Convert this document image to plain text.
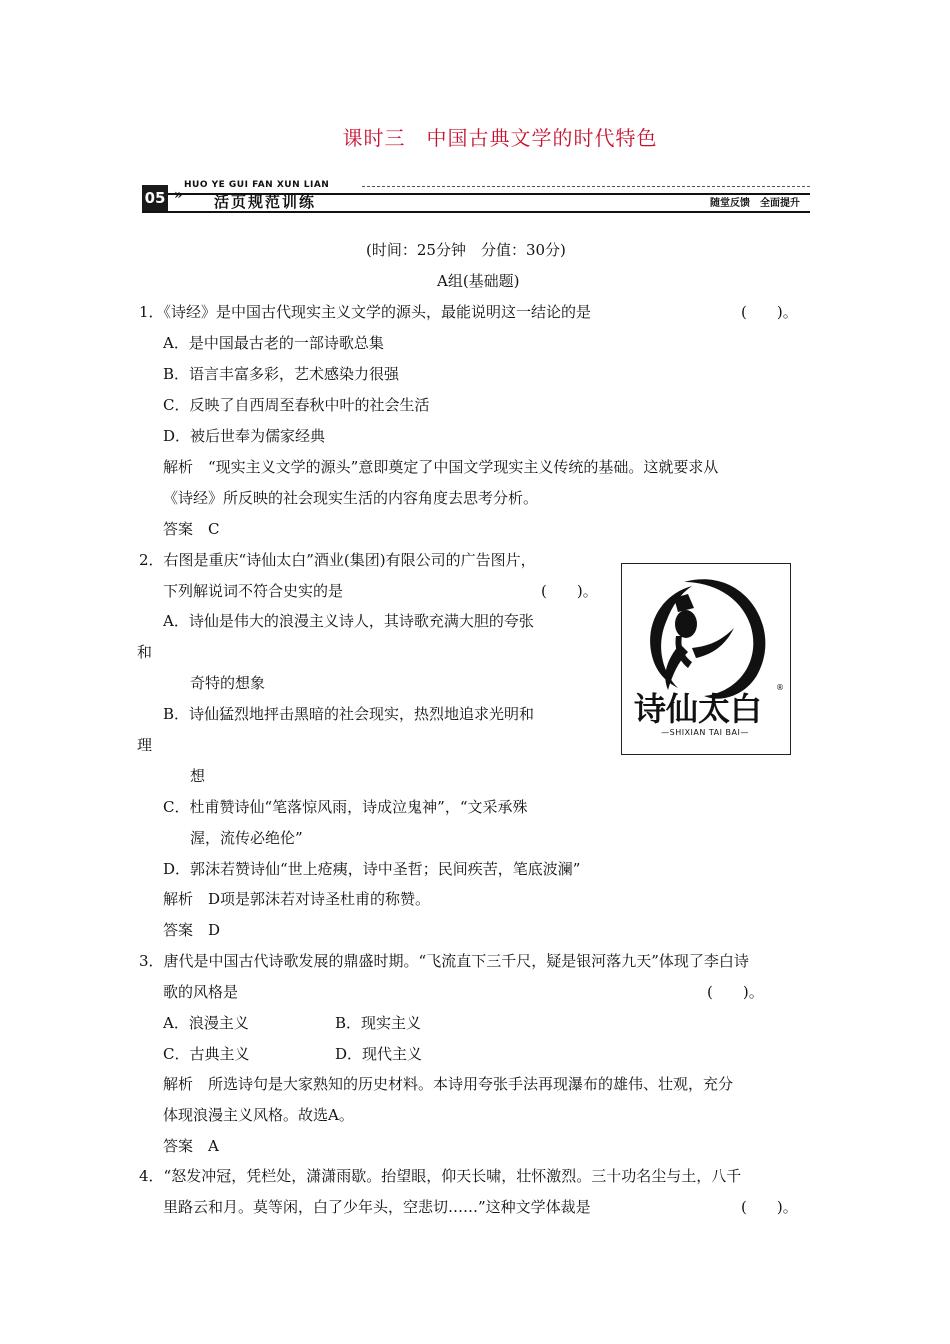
课时三　中国古典文学的时代特色
HUO YE GUI FAN XUN LIAN
05 » 活页规范训练	随堂反馈　全面提升
(时间：25分钟　分值：30分)
A组(基础题)
1．《诗经》是中国古代现实主义文学的源头，最能说明这一结论的是	(　　)。
A．是中国最古老的一部诗歌总集
B．语言丰富多彩，艺术感染力很强
C．反映了自西周至春秋中叶的社会生活
D．被后世奉为儒家经典
解析　“现实主义文学的源头”意即奠定了中国文学现实主义传统的基础。这就要求从
《诗经》所反映的社会现实生活的内容角度去思考分析。
答案　C
2．右图是重庆“诗仙太白”酒业(集团)有限公司的广告图片，
下列解说词不符合史实的是	(　　)。
A．诗仙是伟大的浪漫主义诗人，其诗歌充满大胆的夸张
和
奇特的想象
B．诗仙猛烈地抨击黑暗的社会现实，热烈地追求光明和
理
想
C．杜甫赞诗仙“笔落惊风雨，诗成泣鬼神”，“文采承殊
渥，流传必绝伦”
D．郭沫若赞诗仙“世上疮痍，诗中圣哲；民间疾苦，笔底波澜”
解析　D项是郭沫若对诗圣杜甫的称赞。
答案　D
诗仙太白
®
—SHIXIAN TAI BAI—
3．唐代是中国古代诗歌发展的鼎盛时期。“飞流直下三千尺，疑是银河落九天”体现了李白诗
歌的风格是	(　　)。
A．浪漫主义	B．现实主义
C．古典主义	D．现代主义
解析　所选诗句是大家熟知的历史材料。本诗用夸张手法再现瀑布的雄伟、壮观，充分
体现浪漫主义风格。故选A。
答案　A
4．“怒发冲冠，凭栏处，潇潇雨歇。抬望眼，仰天长啸，壮怀激烈。三十功名尘与土，八千
里路云和月。莫等闲，白了少年头，空悲切……”这种文学体裁是	(　　)。
